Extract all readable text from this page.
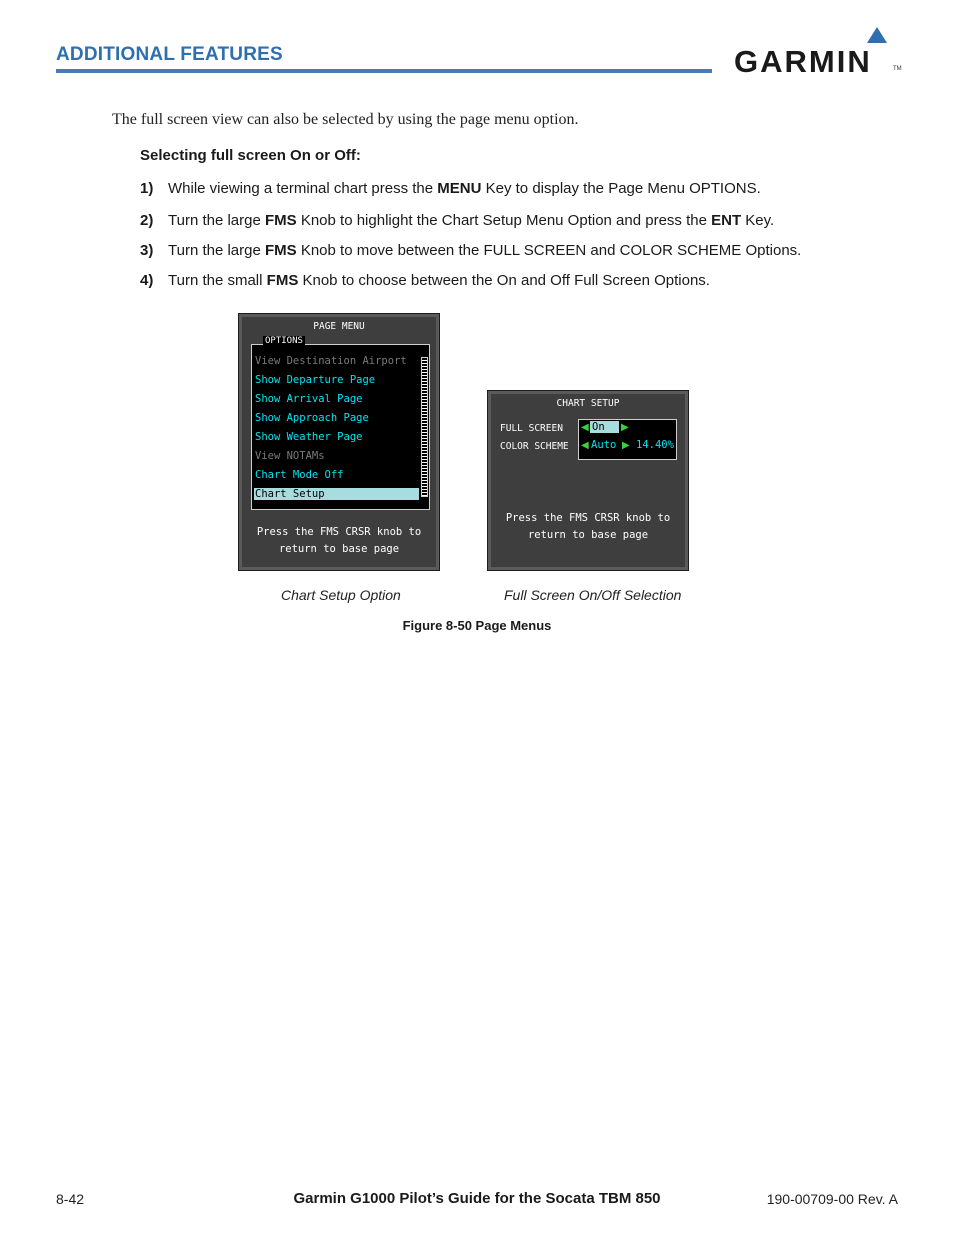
ADDITIONAL FEATURES	GARMIN	TM
The full screen view can also be selected by using the page menu option.
Selecting full screen On or Off:
1) While viewing a terminal chart press the MENU Key to display the Page Menu OPTIONS.
2) Turn the large FMS Knob to highlight the Chart Setup Menu Option and press the ENT Key.
3) Turn the large FMS Knob to move between the FULL SCREEN and COLOR SCHEME Options.
4) Turn the small FMS Knob to choose between the On and Off Full Screen Options.
PAGE MENU
View Destination Airport
Show Departure Page
Show Arrival Page
Show Approach Page
Show Weather Page
View NOTAMs
Chart Mode Off
Chart Setup
OPTIONS
Press the FMS CRSR knob to
return to base page
CHART SETUP
FULL SCREEN
COLOR SCHEME
◀ On	▶
◀ Auto ▶ 14.40%
Press the FMS CRSR knob to
return to base page
Chart Setup Option	Full Screen On/Off Selection
Figure 8-50 Page Menus
8-42	Garmin G1000 Pilot’s Guide for the Socata TBM 850	190-00709-00 Rev. A
